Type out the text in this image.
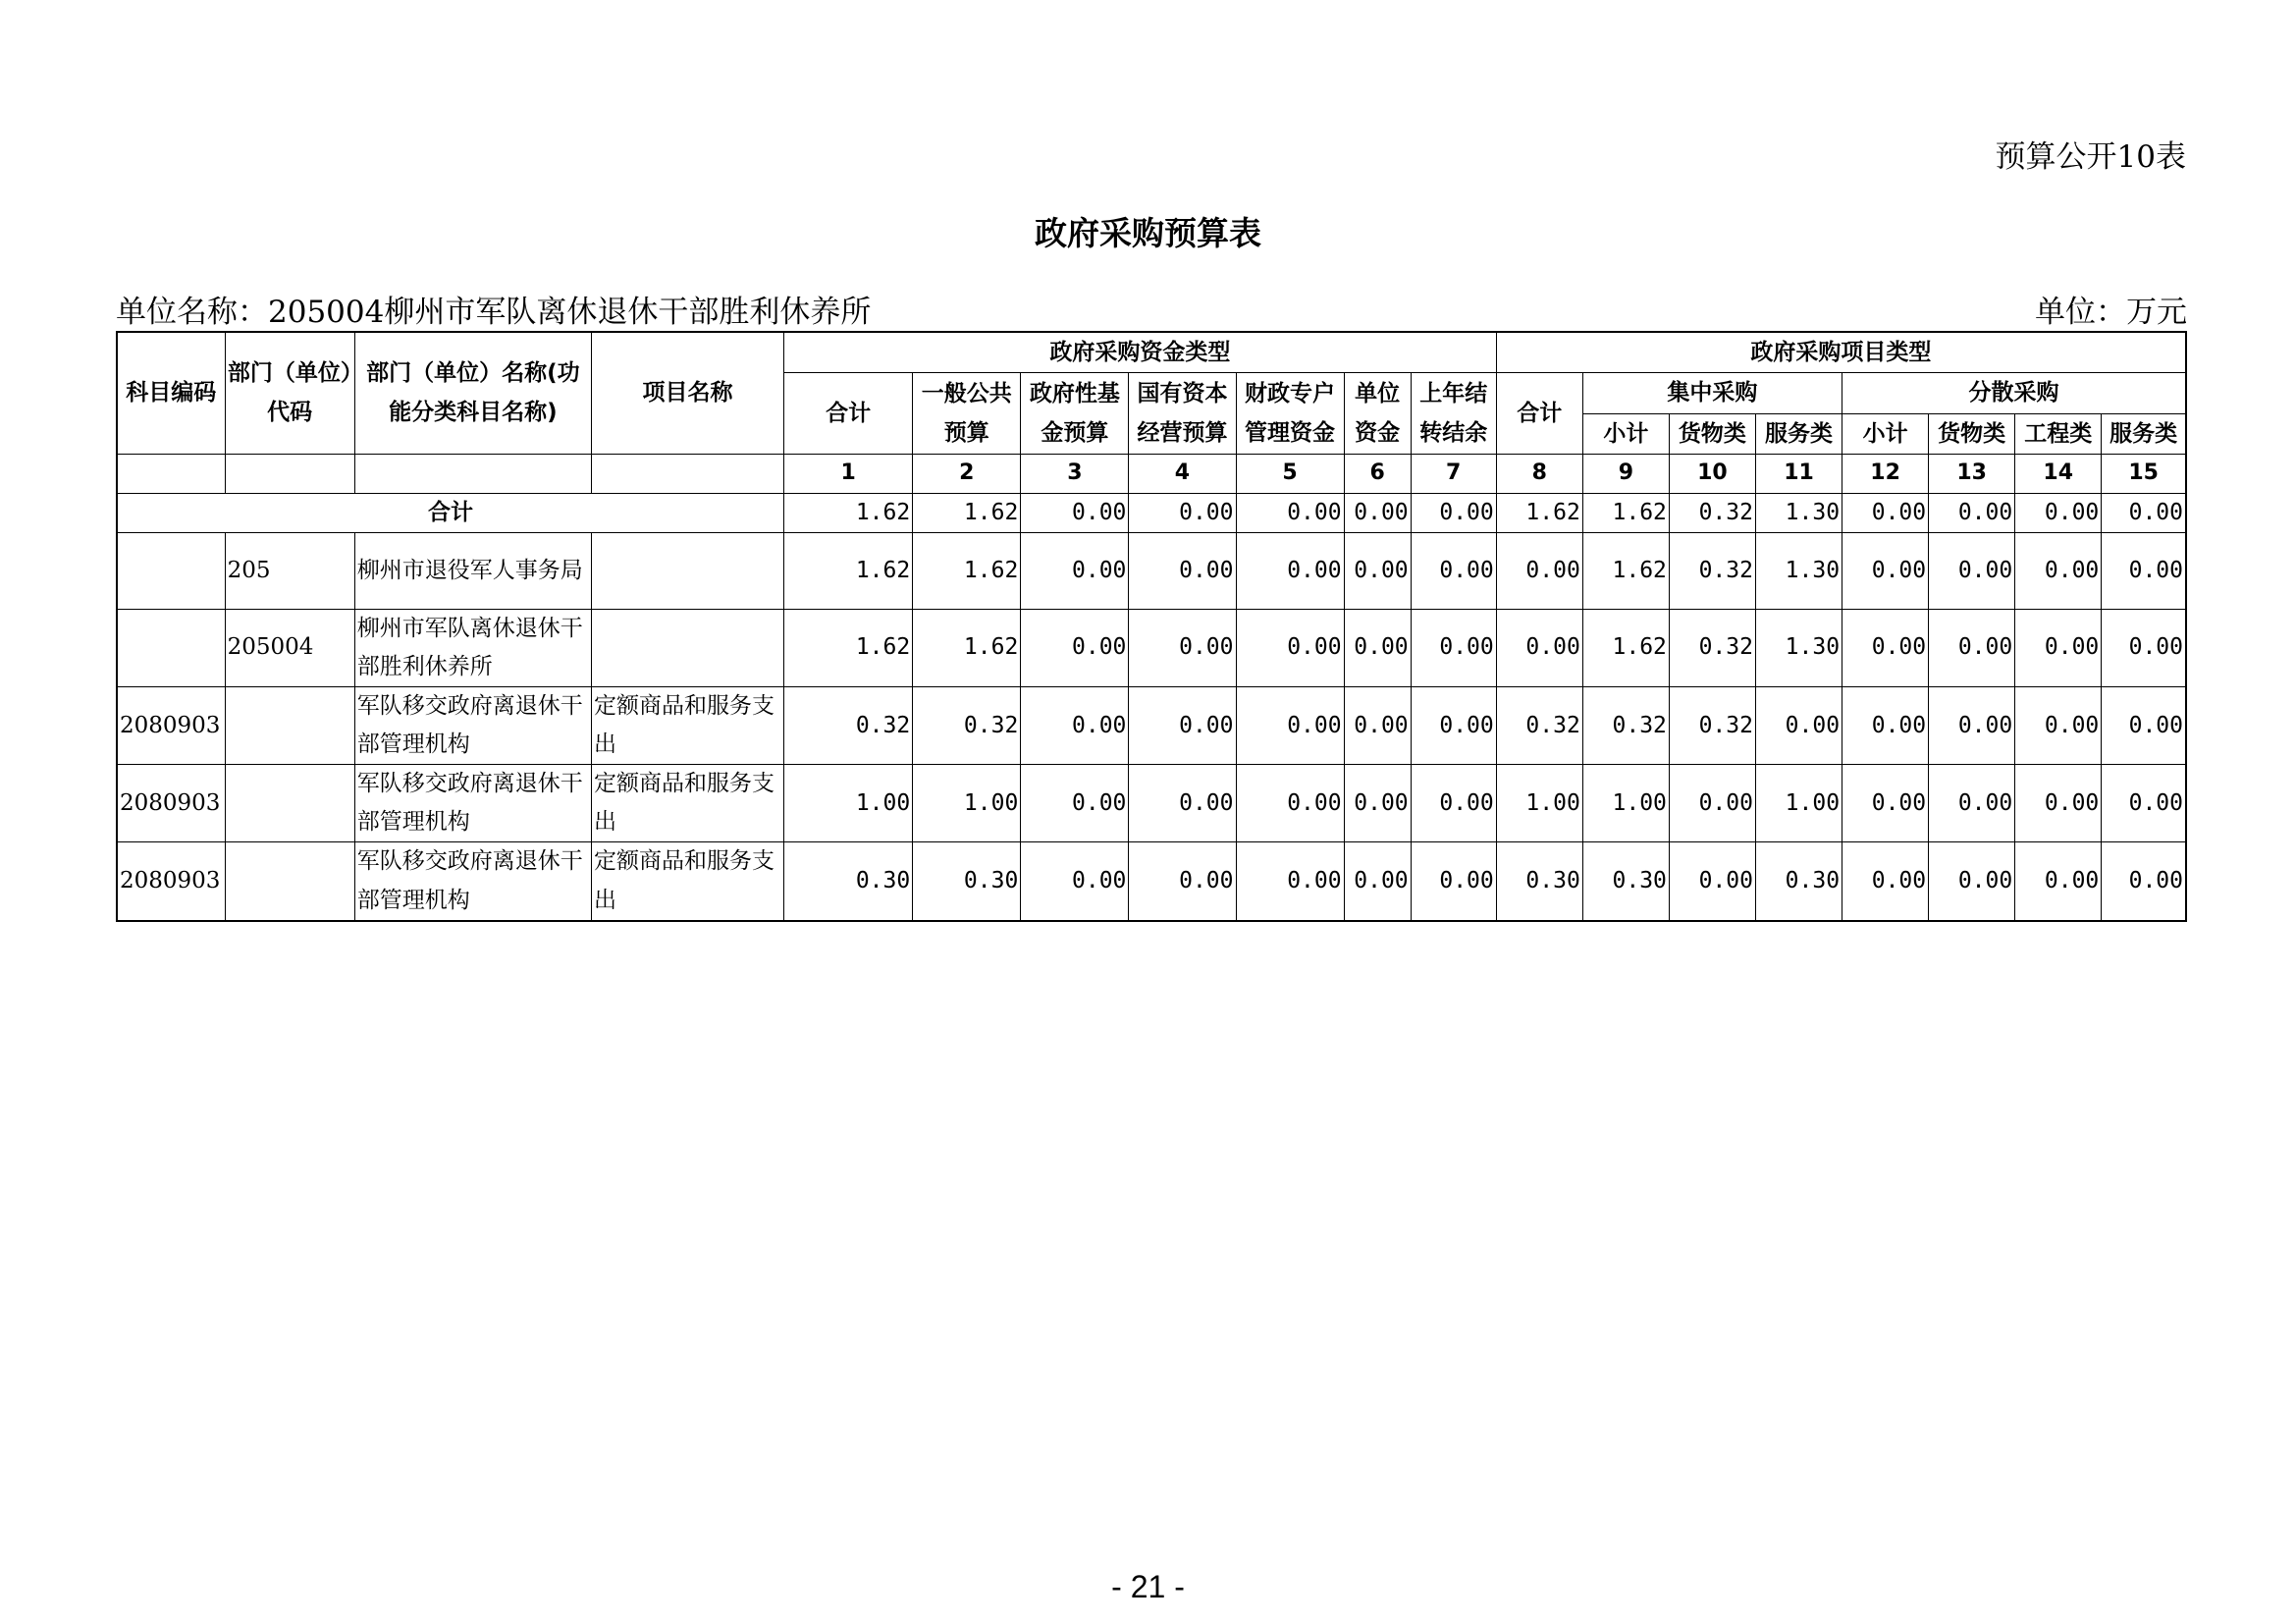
预算公开10表
政府采购预算表
单位名称：205004柳州市军队离休退休干部胜利休养所	单位：万元
科目编码	部门（单位）代码	部门（单位）名称(功能分类科目名称)	项目名称	政府采购资金类型							政府采购项目类型							
				合计	一般公共预算	政府性基金预算	国有资本经营预算	财政专户管理资金	单位资金	上年结转结余	合计	集中采购			分散采购			
												小计	货物类	服务类	小计	货物类	工程类	服务类
				1	2	3	4	5	6	7	8	9	10	11	12	13	14	15
合计				1.62	1.62	0.00	0.00	0.00	0.00	0.00	1.62	1.62	0.32	1.30	0.00	0.00	0.00	0.00
	205	柳州市退役军人事务局		1.62	1.62	0.00	0.00	0.00	0.00	0.00	0.00	1.62	0.32	1.30	0.00	0.00	0.00	0.00
	205004	柳州市军队离休退休干部胜利休养所		1.62	1.62	0.00	0.00	0.00	0.00	0.00	0.00	1.62	0.32	1.30	0.00	0.00	0.00	0.00
2080903		军队移交政府离退休干部管理机构	定额商品和服务支出	0.32	0.32	0.00	0.00	0.00	0.00	0.00	0.32	0.32	0.32	0.00	0.00	0.00	0.00	0.00
2080903		军队移交政府离退休干部管理机构	定额商品和服务支出	1.00	1.00	0.00	0.00	0.00	0.00	0.00	1.00	1.00	0.00	1.00	0.00	0.00	0.00	0.00
2080903		军队移交政府离退休干部管理机构	定额商品和服务支出	0.30	0.30	0.00	0.00	0.00	0.00	0.00	0.30	0.30	0.00	0.30	0.00	0.00	0.00	0.00
- 21 -
